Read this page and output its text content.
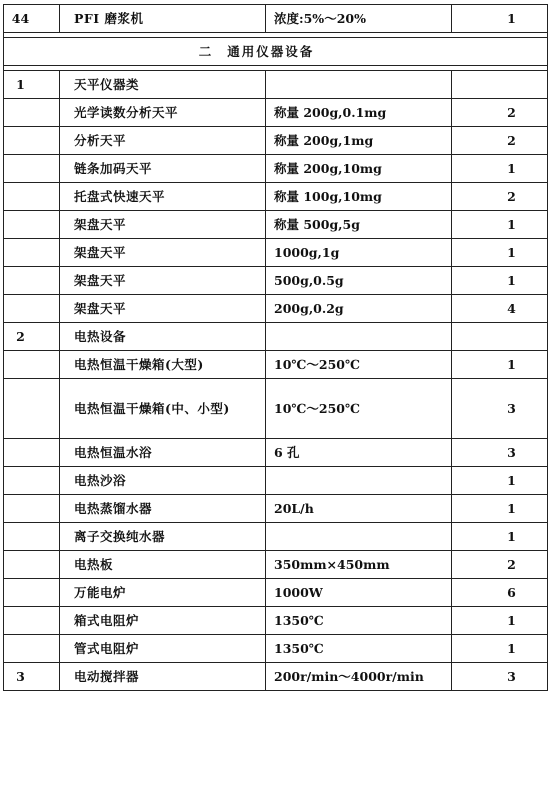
44	PFI 磨浆机	浓度:5%～20%	1

二 通用仪器设备			

1	天平仪器类		
	光学读数分析天平	称量 200g,0.1mg	2
	分析天平	称量 200g,1mg	2
	链条加码天平	称量 200g,10mg	1
	托盘式快速天平	称量 100g,10mg	2
	架盘天平	称量 500g,5g	1
	架盘天平	1000g,1g	1
	架盘天平	500g,0.5g	1
	架盘天平	200g,0.2g	4
2	电热设备		
	电热恒温干燥箱(大型)	10℃～250℃	1
	电热恒温干燥箱(中、小型)	10℃～250℃	3
	电热恒温水浴	6 孔	3
	电热沙浴		1
	电热蒸馏水器	20L/h	1
	离子交换纯水器		1
	电热板	350mm×450mm	2
	万能电炉	1000W	6
	箱式电阻炉	1350℃	1
	管式电阻炉	1350℃	1
3	电动搅拌器	200r/min～4000r/min	3
